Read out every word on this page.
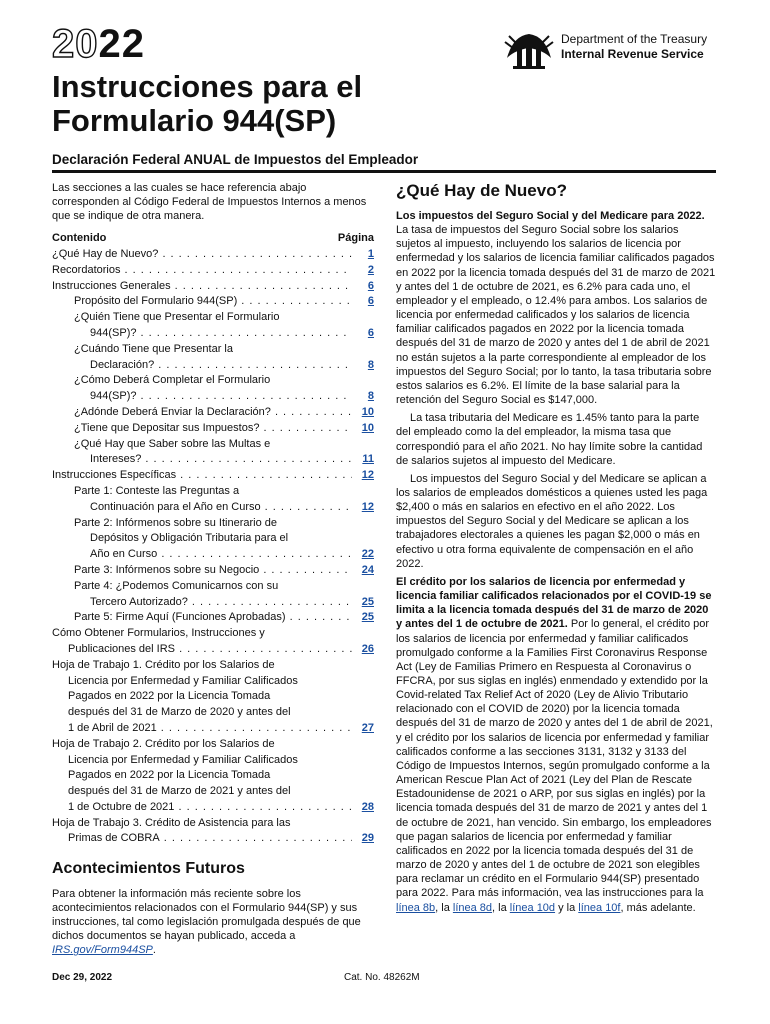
2022	Department of the Treasury
Internal Revenue Service
Instrucciones para el
Formulario 944(SP)
Declaración Federal ANUAL de Impuestos del Empleador

Las secciones a las cuales se hace referencia abajo corresponden al Código Federal de Impuestos Internos a menos que se indique de otra manera.

Contenido	Página
¿Qué Hay de Nuevo? . . .	1
Recordatorios . . .	2
Instrucciones Generales . . .	6
Propósito del Formulario 944(SP) . . .	6
¿Quién Tiene que Presentar el Formulario
944(SP)? . . .	6
¿Cuándo Tiene que Presentar la
Declaración? . . .	8
¿Cómo Deberá Completar el Formulario
944(SP)? . . .	8
¿Adónde Deberá Enviar la Declaración? . . .	10
¿Tiene que Depositar sus Impuestos? . . .	10
¿Qué Hay que Saber sobre las Multas e
Intereses? . . .	11
Instrucciones Específicas . . .	12
Parte 1: Conteste las Preguntas a
Continuación para el Año en Curso . . .	12
Parte 2: Infórmenos sobre su Itinerario de
Depósitos y Obligación Tributaria para el
Año en Curso . . .	22
Parte 3: Infórmenos sobre su Negocio . . .	24
Parte 4: ¿Podemos Comunicarnos con su
Tercero Autorizado? . . .	25
Parte 5: Firme Aquí (Funciones Aprobadas) . . .	25
Cómo Obtener Formularios, Instrucciones y
Publicaciones del IRS . . .	26
Hoja de Trabajo 1. Crédito por los Salarios de
Licencia por Enfermedad y Familiar Calificados
Pagados en 2022 por la Licencia Tomada
después del 31 de Marzo de 2020 y antes del
1 de Abril de 2021 . . .	27
Hoja de Trabajo 2. Crédito por los Salarios de
Licencia por Enfermedad y Familiar Calificados
Pagados en 2022 por la Licencia Tomada
después del 31 de Marzo de 2021 y antes del
1 de Octubre de 2021 . . .	28
Hoja de Trabajo 3. Crédito de Asistencia para las
Primas de COBRA . . .	29
Acontecimientos Futuros
Para obtener la información más reciente sobre los acontecimientos relacionados con el Formulario 944(SP) y sus instrucciones, tal como legislación promulgada después de que dichos documentos se hayan publicado, acceda a IRS.gov/Form944SP.
¿Qué Hay de Nuevo?

Los impuestos del Seguro Social y del Medicare para 2022. La tasa de impuestos del Seguro Social sobre los salarios sujetos al impuesto, incluyendo los salarios de licencia por enfermedad y los salarios de licencia familiar calificados pagados en 2022 por la licencia tomada después del 31 de marzo de 2021 y antes del 1 de octubre de 2021, es 6.2% para cada uno, el empleador y el empleado, o 12.4% para ambos. Los salarios de licencia por enfermedad calificados y los salarios de licencia familiar calificados pagados en 2022 por la licencia tomada después del 31 de marzo de 2020 y antes del 1 de abril de 2021 no están sujetos a la parte correspondiente al empleador de los impuestos del Seguro Social; por lo tanto, la tasa tributaria sobre estos salarios es 6.2%. El límite de la base salarial para la retención del Seguro Social es $147,000.

La tasa tributaria del Medicare es 1.45% tanto para la parte del empleado como la del empleador, la misma tasa que correspondió para el año 2021. No hay límite sobre la cantidad de salarios sujetos al impuesto del Medicare.

Los impuestos del Seguro Social y del Medicare se aplican a los salarios de empleados domésticos a quienes usted les paga $2,400 o más en salarios en efectivo en el año 2022. Los impuestos del Seguro Social y del Medicare se aplican a los trabajadores electorales a quienes les pagan $2,000 o más en efectivo u otra forma equivalente de compensación en el año 2022.

El crédito por los salarios de licencia por enfermedad y licencia familiar calificados relacionados por el COVID-19 se limita a la licencia tomada después del 31 de marzo de 2020 y antes del 1 de octubre de 2021. Por lo general, el crédito por los salarios de licencia por enfermedad y familiar calificados promulgado conforme a la Families First Coronavirus Response Act (Ley de Familias Primero en Respuesta al Coronavirus o FFCRA, por sus siglas en inglés) enmendado y extendido por la Covid-related Tax Relief Act of 2020 (Ley de Alivio Tributario relacionado con el COVID de 2020) por la licencia tomada después del 31 de marzo de 2020 y antes del 1 de abril de 2021, y el crédito por los salarios de licencia por enfermedad y familiar calificados conforme a las secciones 3131, 3132 y 3133 del Código de Impuestos Internos, según promulgado conforme a la American Rescue Plan Act of 2021 (Ley del Plan de Rescate Estadounidense de 2021 o ARP, por sus siglas en inglés) por la licencia tomada después del 31 de marzo de 2021 y antes del 1 de octubre de 2021, han vencido. Sin embargo, los empleadores que pagan salarios de licencia por enfermedad y familiar calificados en 2022 por la licencia tomada después del 31 de marzo de 2020 y antes del 1 de octubre de 2021 son elegibles para reclamar un crédito en el Formulario 944(SP) presentado para 2022. Para más información, vea las instrucciones para la línea 8b, la línea 8d, la línea 10d y la línea 10f, más adelante.

Dec 29, 2022	Cat. No. 48262M
